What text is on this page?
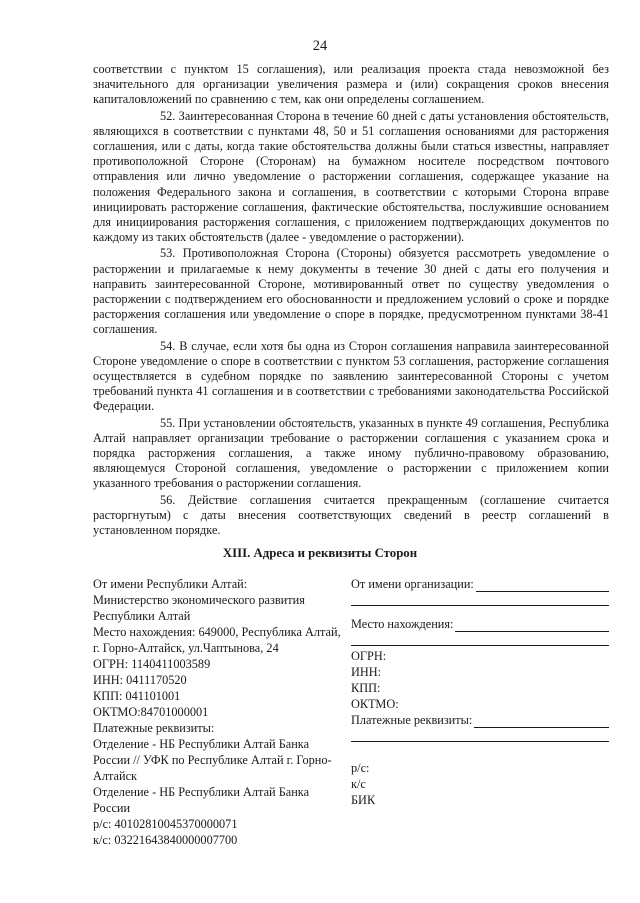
24

соответствии с пунктом 15 соглашения), или реализация проекта стада невозможной без значительного для организации увеличения размера и (или) сокращения сроков внесения капиталовложений по сравнению с тем, как они определены соглашением.

52. Заинтересованная Сторона в течение 60 дней с даты установления обстоятельств, являющихся в соответствии с пунктами 48, 50 и 51 соглашения основаниями для расторжения соглашения, или с даты, когда такие обстоятельства должны были статься известны, направляет противоположной Стороне (Сторонам) на бумажном носителе посредством почтового отправления или лично уведомление о расторжении соглашения, содержащее указание на положения Федерального закона и соглашения, в соответствии с которыми Сторона вправе инициировать расторжение соглашения, фактические обстоятельства, послужившие основанием для инициирования расторжения соглашения, с приложением подтверждающих документов по каждому из таких обстоятельств (далее - уведомление о расторжении).

53. Противоположная Сторона (Стороны) обязуется рассмотреть уведомление о расторжении и прилагаемые к нему документы в течение 30 дней с даты его получения и направить заинтересованной Стороне, мотивированный ответ по существу уведомления о расторжении с подтверждением его обоснованности и предложением условий о сроке и порядке расторжения соглашения или уведомление о споре в порядке, предусмотренном пунктами 38-41 соглашения.

54. В случае, если хотя бы одна из Сторон соглашения направила заинтересованной Стороне уведомление о споре в соответствии с пунктом 53 соглашения, расторжение соглашения осуществляется в судебном порядке по заявлению заинтересованной Стороны с учетом требований пункта 41 соглашения и в соответствии с требованиями законодательства Российской Федерации.

55. При установлении обстоятельств, указанных в пункте 49 соглашения, Республика Алтай направляет организации требование о расторжении соглашения с указанием срока и порядка расторжения соглашения, а также иному публично-правовому образованию, являющемуся Стороной соглашения, уведомление о расторжении с приложением копии указанного требования о расторжении соглашения.

56. Действие соглашения считается прекращенным (соглашение считается расторгнутым) с даты внесения соответствующих сведений в реестр соглашений в установленном порядке.

XIII. Адреса и реквизиты Сторон
От имени Республики Алтай:
Министерство экономического развития Республики Алтай
Место нахождения: 649000, Республика Алтай, г. Горно-Алтайск, ул.Чаптынова, 24
ОГРН: 1140411003589
ИНН: 0411170520
КПП: 041101001
ОКТМО:84701000001
Платежные реквизиты:
Отделение - НБ Республики Алтай Банка России // УФК по Республике Алтай г. Горно-Алтайск
Отделение - НБ Республики Алтай Банка России
р/с: 40102810045370000071
к/с: 03221643840000007700
От имени организации:
Место нахождения:
ОГРН:
ИНН:
КПП:
ОКТМО:
Платежные реквизиты:
р/с:
к/с
БИК
